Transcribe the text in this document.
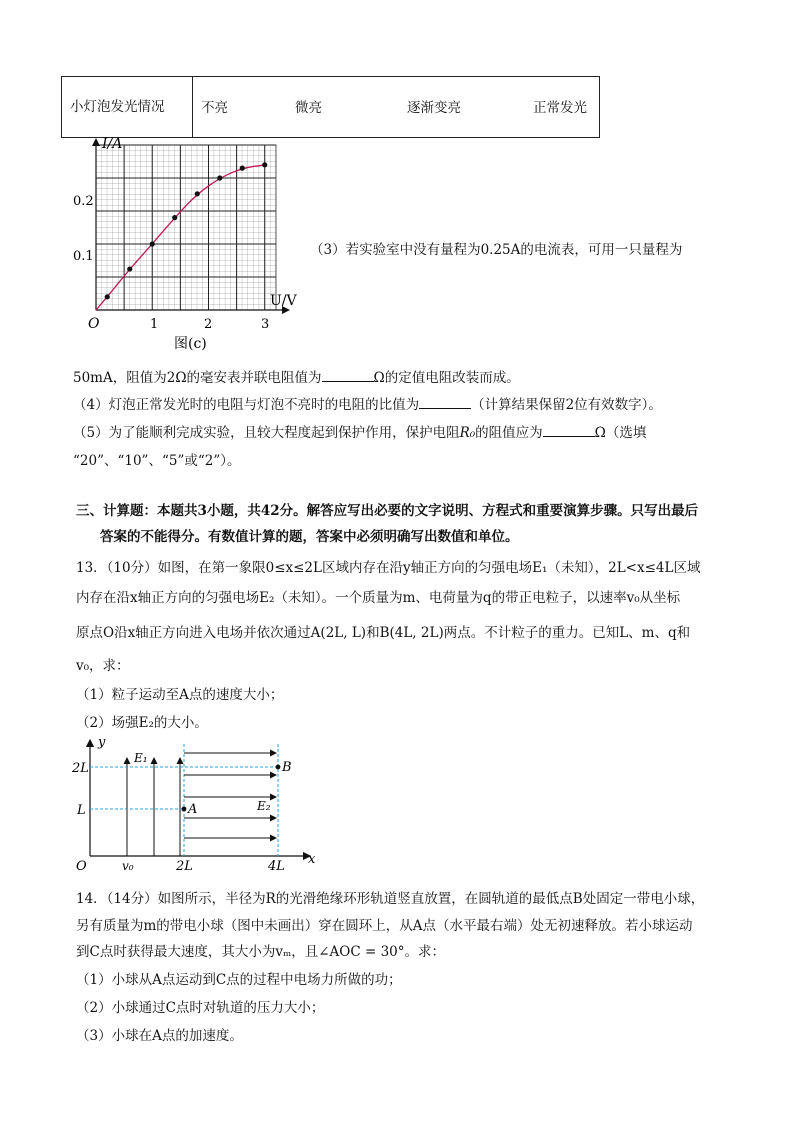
小灯泡发光情况	不亮	微亮	逐渐变亮	正常发光
I/A
U/V
O
0.1
0.2
1	2	3
图(c)
（3）若实验室中没有量程为0.25A的电流表，可用一只量程为
50mA，阻值为2Ω的毫安表并联电阻值为	Ω的定值电阻改装而成。
（4）灯泡正常发光时的电阻与灯泡不亮时的电阻的比值为	（计算结果保留2位有效数字）。
（5）为了能顺利完成实验，且较大程度起到保护作用，保护电阻R₀的阻值应为	Ω（选填
“20”、“10”、“5”或“2”）。
三、计算题：本题共3小题，共42分。解答应写出必要的文字说明、方程式和重要演算步骤。只写出最后
答案的不能得分。有数值计算的题，答案中必须明确写出数值和单位。
13．（10分）如图，在第一象限0≤x≤2L区域内存在沿y轴正方向的匀强电场E₁（未知），2L<x≤4L区域
内存在沿x轴正方向的匀强电场E₂（未知）。一个质量为m、电荷量为q的带正电粒子，以速率v₀从坐标
原点O沿x轴正方向进入电场并依次通过A(2L, L)和B(4L, 2L)两点。不计粒子的重力。已知L、m、q和
v₀，求：
（1）粒子运动至A点的速度大小；
（2）场强E₂的大小。
y
x
O
2L
L
v₀	2L	4L
E₁
E₂
A
B
14．（14分）如图所示，半径为R的光滑绝缘环形轨道竖直放置，在圆轨道的最低点B处固定一带电小球，
另有质量为m的带电小球（图中未画出）穿在圆环上，从A点（水平最右端）处无初速释放。若小球运动
到C点时获得最大速度，其大小为vₘ，且∠AOC = 30°。求：
（1）小球从A点运动到C点的过程中电场力所做的功；
（2）小球通过C点时对轨道的压力大小；
（3）小球在A点的加速度。
